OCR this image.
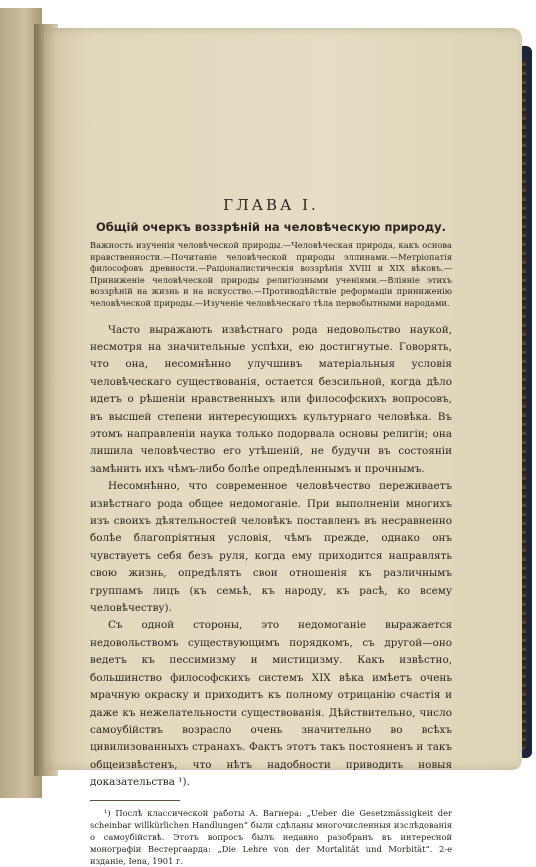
ГЛАВА I.
Общій очеркъ воззрѣній на человѣческую природу.

Важность изученія человѣческой природы.—Человѣческая природа, какъ основа нравственности.—Почитаніе человѣческой природы эллинами.—Метріопатія философовъ древности.—Раціоналистическія воззрѣнія XVIII и XIX вѣковъ.—Приниженіе человѣческой природы религіозными ученіями.—Вліяніе этихъ воззрѣній на жизнь и на искусство.—Противодѣйствіе реформаціи приниженію человѣческой природы.—Изученіе человѣческаго тѣла первобытными народами.

Часто выражають извѣстнаго рода недовольство наукой, несмотря на значительные успѣхи, ею достигнутые. Говорять, что она, несомнѣнно улучшивъ матеріальныя условія человѣческаго существованія, остается безсильной, когда дѣло идетъ о рѣшеніи нравственныхъ или философскихъ вопросовъ, въ высшей степени интересующихъ культурнаго человѣка. Въ этомъ направленіи наука только подорвала основы религіи; она лишила человѣчество его утѣшеній, не будучи въ состояніи замѣнить ихъ чѣмъ-либо болѣе опредѣленнымъ и прочнымъ.

Несомнѣнно, что современное человѣчество переживаетъ извѣстнаго рода общее недомоганіе. При выполненіи многихъ изъ своихъ дѣятельностей человѣкъ поставленъ въ несравненно болѣе благопріятныя условія, чѣмъ прежде, однако онъ чувствуетъ себя безъ руля, когда ему приходится направлять свою жизнь, опредѣлять свои отношенія къ различнымъ группамъ лицъ (къ семьѣ, къ народу, къ расѣ, ко всему человѣчеству).

Съ одной стороны, это недомоганіе выражается недовольствомъ существующимъ порядкомъ, съ другой—оно ведетъ къ пессимизму и мистицизму. Какъ извѣстно, большинство философскихъ системъ XIX вѣка имѣетъ очень мрачную окраску и приходитъ къ полному отрицанію счастія и даже къ нежелательности существованія. Дѣйствительно, число самоубійствъ возрасло очень значительно во всѣхъ цивилизованныхъ странахъ. Фактъ этотъ такъ постояненъ и такъ общеизвѣстенъ, что нѣтъ надобности приводить новыя доказательства ¹).

¹) Послѣ классической работы А. Вагнера: „Ueber die Gesetzmässigkeit der scheinbar willkürlichen Handlungen“ были сдѣланы многочисленныя изслѣдованія о самоубійствѣ. Этотъ вопросъ былъ недавно разобранъ въ интересной монографіи Вестергаарда: „Die Lehre von der Mortalität und Morbität“. 2-е изданіе, Iena, 1901 г.
